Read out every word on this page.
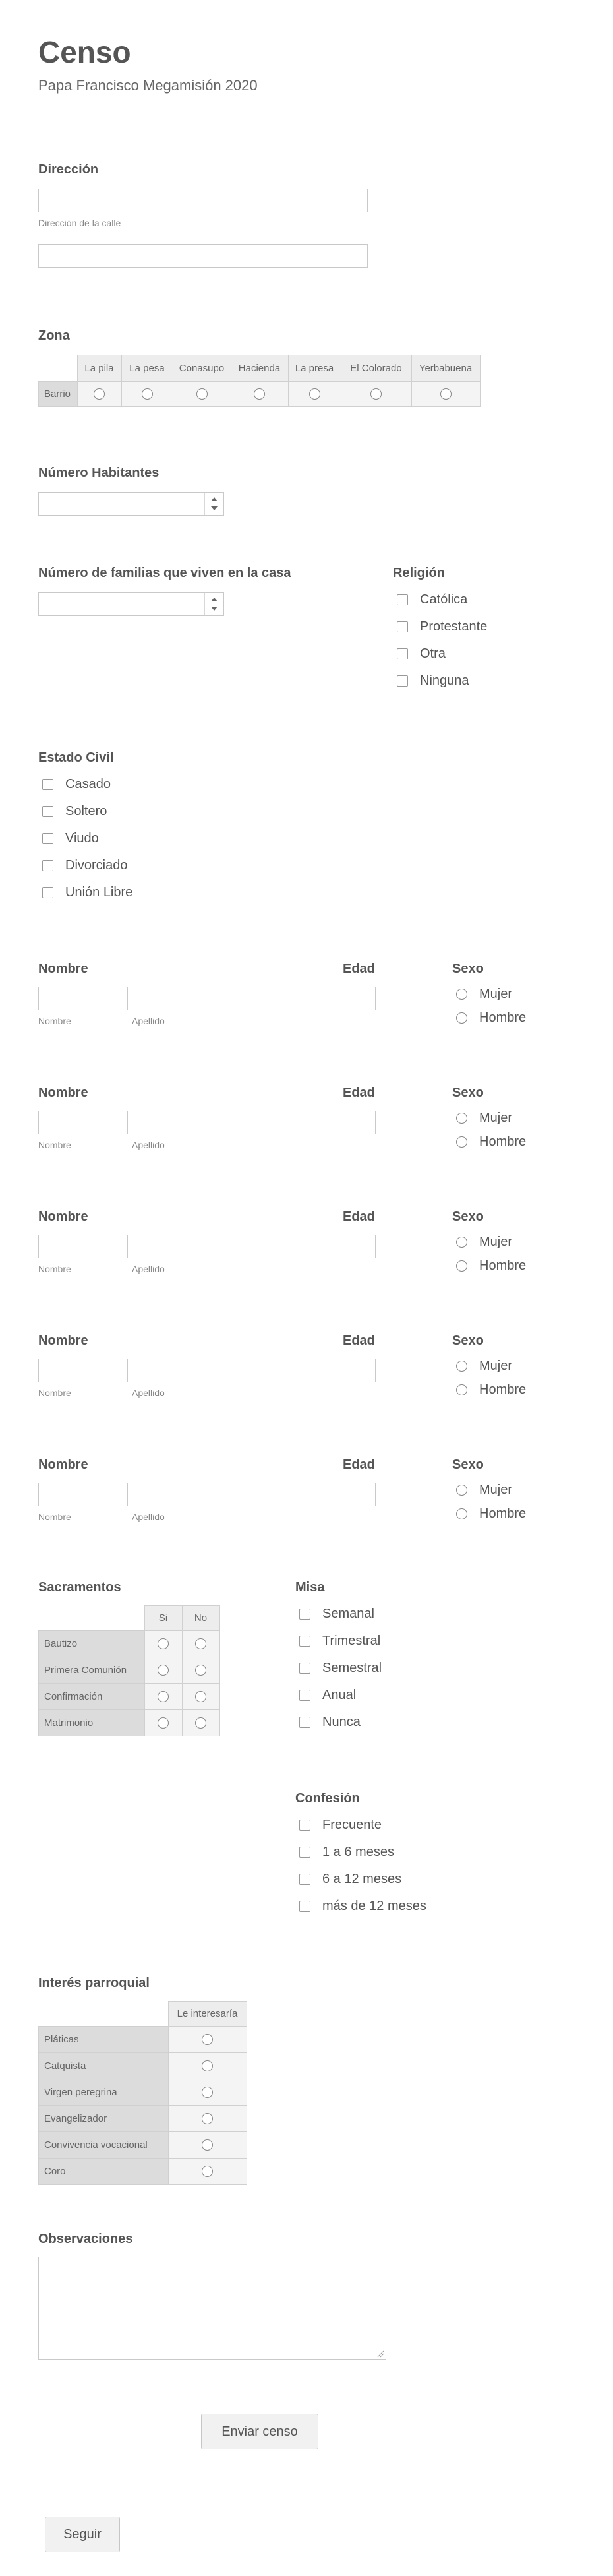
Censo
Papa Francisco Megamisión 2020
Dirección
Dirección de la calle
Zona
	La pila	La pesa	Conasupo	Hacienda	La presa	El Colorado	Yerbabuena
Barrio							
Número Habitantes
Número de familias que viven en la casa	Religión
Católica
Protestante
Otra
Ninguna
Estado Civil
Casado
Soltero
Viudo
Divorciado
Unión Libre
Nombre
Nombre	Apellido
Edad	Sexo
Mujer
Hombre
Nombre
Nombre	Apellido
Edad	Sexo
Mujer
Hombre
Nombre
Nombre	Apellido
Edad	Sexo
Mujer
Hombre
Nombre
Nombre	Apellido
Edad	Sexo
Mujer
Hombre
Nombre
Nombre	Apellido
Edad	Sexo
Mujer
Hombre
Sacramentos
	Si	No
Bautizo		
Primera Comunión		
Confirmación		
Matrimonio		
Misa
Semanal
Trimestral
Semestral
Anual
Nunca
Confesión
Frecuente
1 a 6 meses
6 a 12 meses
más de 12 meses
Interés parroquial
	Le interesaría
Pláticas	
Catquista	
Virgen peregrina	
Evangelizador	
Convivencia vocacional	
Coro	
Observaciones
Enviar censo
Seguir
